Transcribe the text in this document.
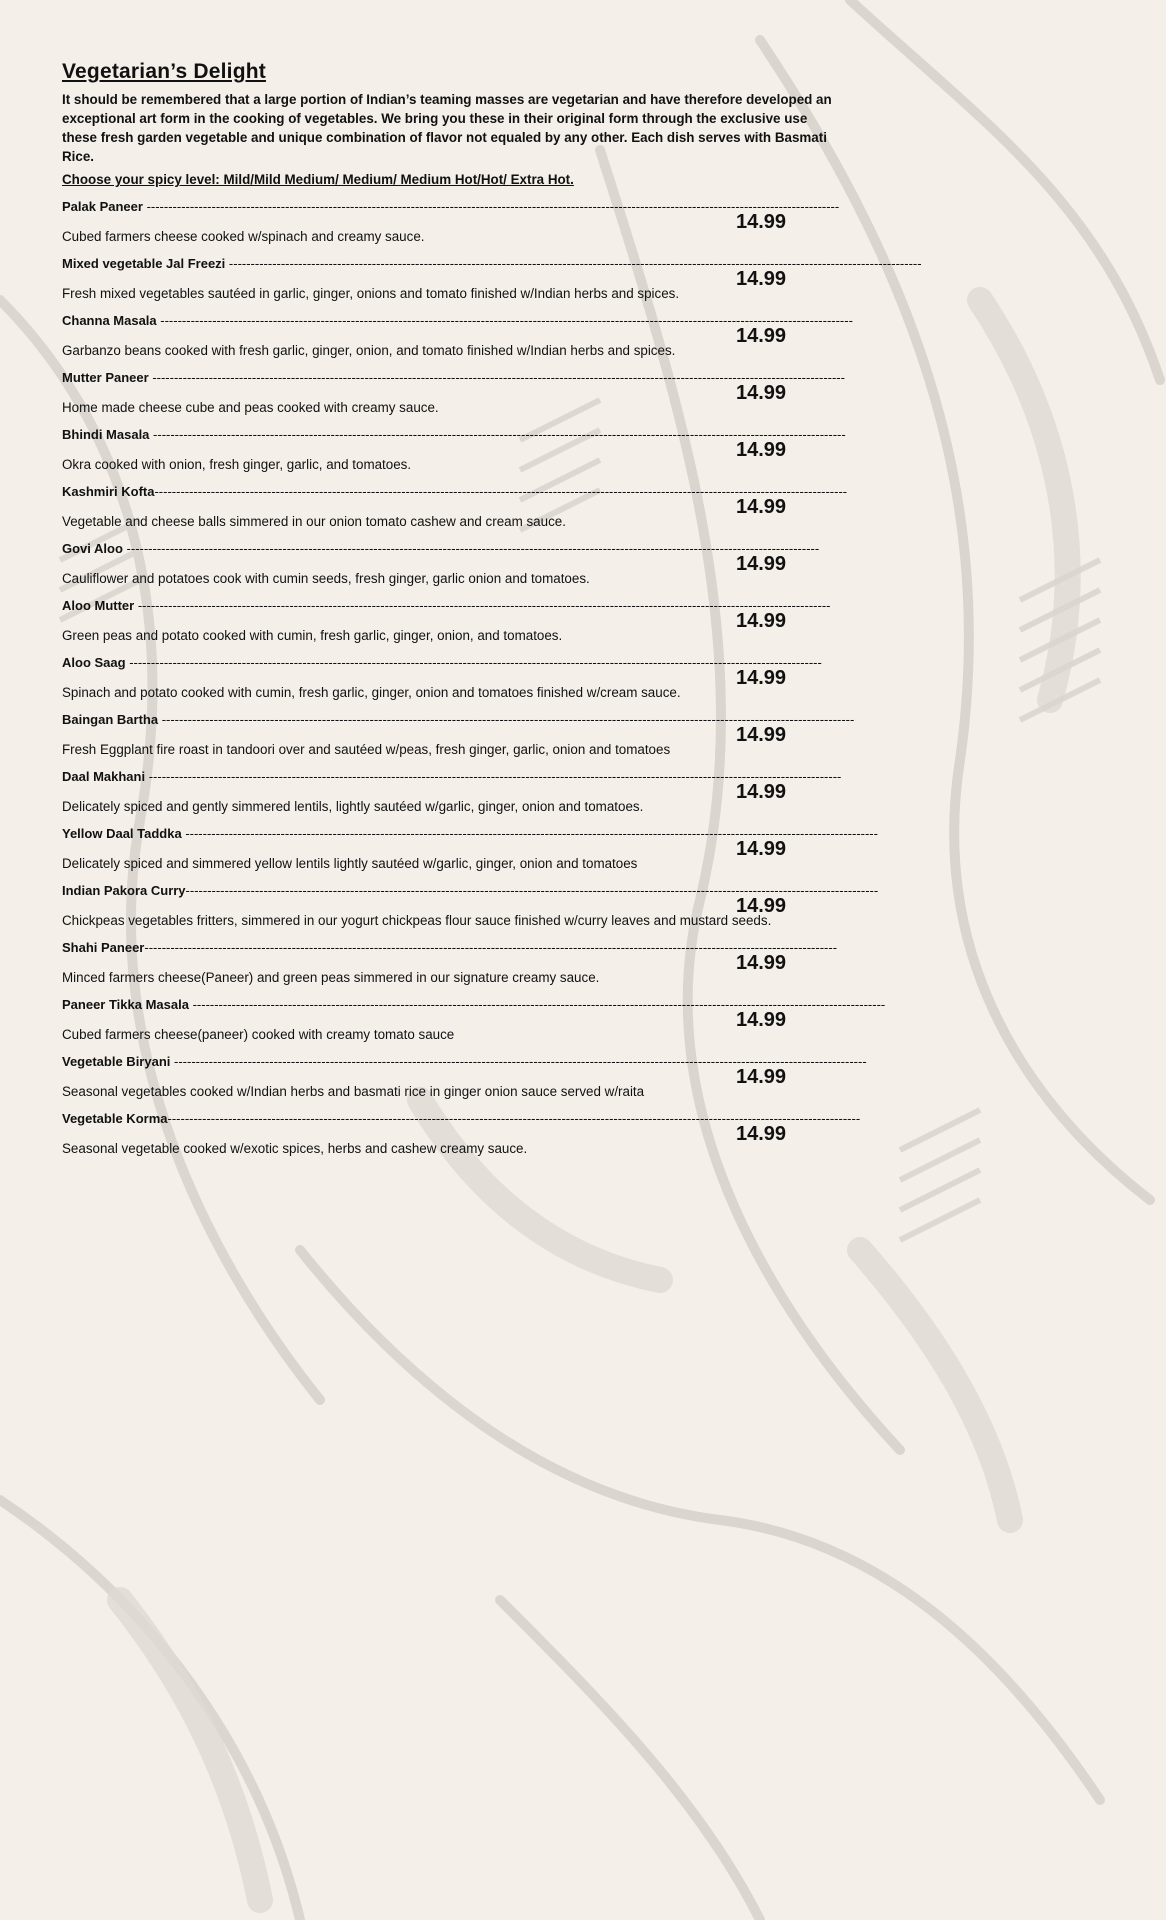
Vegetarian’s Delight
It should be remembered that a large portion of Indian’s teaming masses are vegetarian and have therefore developed an exceptional art form in the cooking of vegetables. We bring you these in their original form through the exclusive use these fresh garden vegetable and unique combination of flavor not equaled by any other. Each dish serves with Basmati Rice.
Choose your spicy level: Mild/Mild Medium/ Medium/ Medium Hot/Hot/ Extra Hot.
Palak Paneer ----------------------------------------------------------------------------------------------------------------------------------------------------------------
14.99
Cubed farmers cheese cooked w/spinach and creamy sauce.
Mixed vegetable Jal Freezi ----------------------------------------------------------------------------------------------------------------------------------------------------------------
14.99
Fresh mixed vegetables sautéed in garlic, ginger, onions and tomato finished w/Indian herbs and spices.
Channa Masala ----------------------------------------------------------------------------------------------------------------------------------------------------------------
14.99
Garbanzo beans cooked with fresh garlic, ginger, onion, and tomato finished w/Indian herbs and spices.
Mutter Paneer ----------------------------------------------------------------------------------------------------------------------------------------------------------------
14.99
Home made cheese cube and peas cooked with creamy sauce.
Bhindi Masala ----------------------------------------------------------------------------------------------------------------------------------------------------------------
14.99
Okra cooked with onion, fresh ginger, garlic, and tomatoes.
Kashmiri Kofta----------------------------------------------------------------------------------------------------------------------------------------------------------------
14.99
Vegetable and cheese balls simmered in our onion tomato cashew and cream sauce.
Govi Aloo ----------------------------------------------------------------------------------------------------------------------------------------------------------------
14.99
Cauliflower and potatoes cook with cumin seeds, fresh ginger, garlic onion and tomatoes.
Aloo Mutter ----------------------------------------------------------------------------------------------------------------------------------------------------------------
14.99
Green peas and potato cooked with cumin, fresh garlic, ginger, onion, and tomatoes.
Aloo Saag ----------------------------------------------------------------------------------------------------------------------------------------------------------------
14.99
Spinach and potato cooked with cumin, fresh garlic, ginger, onion and tomatoes finished w/cream sauce.
Baingan Bartha ----------------------------------------------------------------------------------------------------------------------------------------------------------------
14.99
Fresh Eggplant fire roast in tandoori over and sautéed w/peas, fresh ginger, garlic, onion and tomatoes
Daal Makhani ----------------------------------------------------------------------------------------------------------------------------------------------------------------
14.99
Delicately spiced and gently simmered lentils, lightly sautéed w/garlic, ginger, onion and tomatoes.
Yellow Daal Taddka ----------------------------------------------------------------------------------------------------------------------------------------------------------------
14.99
Delicately spiced and simmered yellow lentils lightly sautéed w/garlic, ginger, onion and tomatoes
Indian Pakora Curry----------------------------------------------------------------------------------------------------------------------------------------------------------------
14.99
Chickpeas vegetables fritters, simmered in our yogurt chickpeas flour sauce finished w/curry leaves and mustard seeds.
Shahi Paneer----------------------------------------------------------------------------------------------------------------------------------------------------------------
14.99
Minced farmers cheese(Paneer) and green peas simmered in our signature creamy sauce.
Paneer Tikka Masala ----------------------------------------------------------------------------------------------------------------------------------------------------------------
14.99
Cubed farmers cheese(paneer) cooked with creamy tomato sauce
Vegetable Biryani ----------------------------------------------------------------------------------------------------------------------------------------------------------------
14.99
Seasonal vegetables cooked w/Indian herbs and basmati rice in ginger onion sauce served w/raita
Vegetable Korma----------------------------------------------------------------------------------------------------------------------------------------------------------------
14.99
Seasonal vegetable cooked w/exotic spices, herbs and cashew creamy sauce.
